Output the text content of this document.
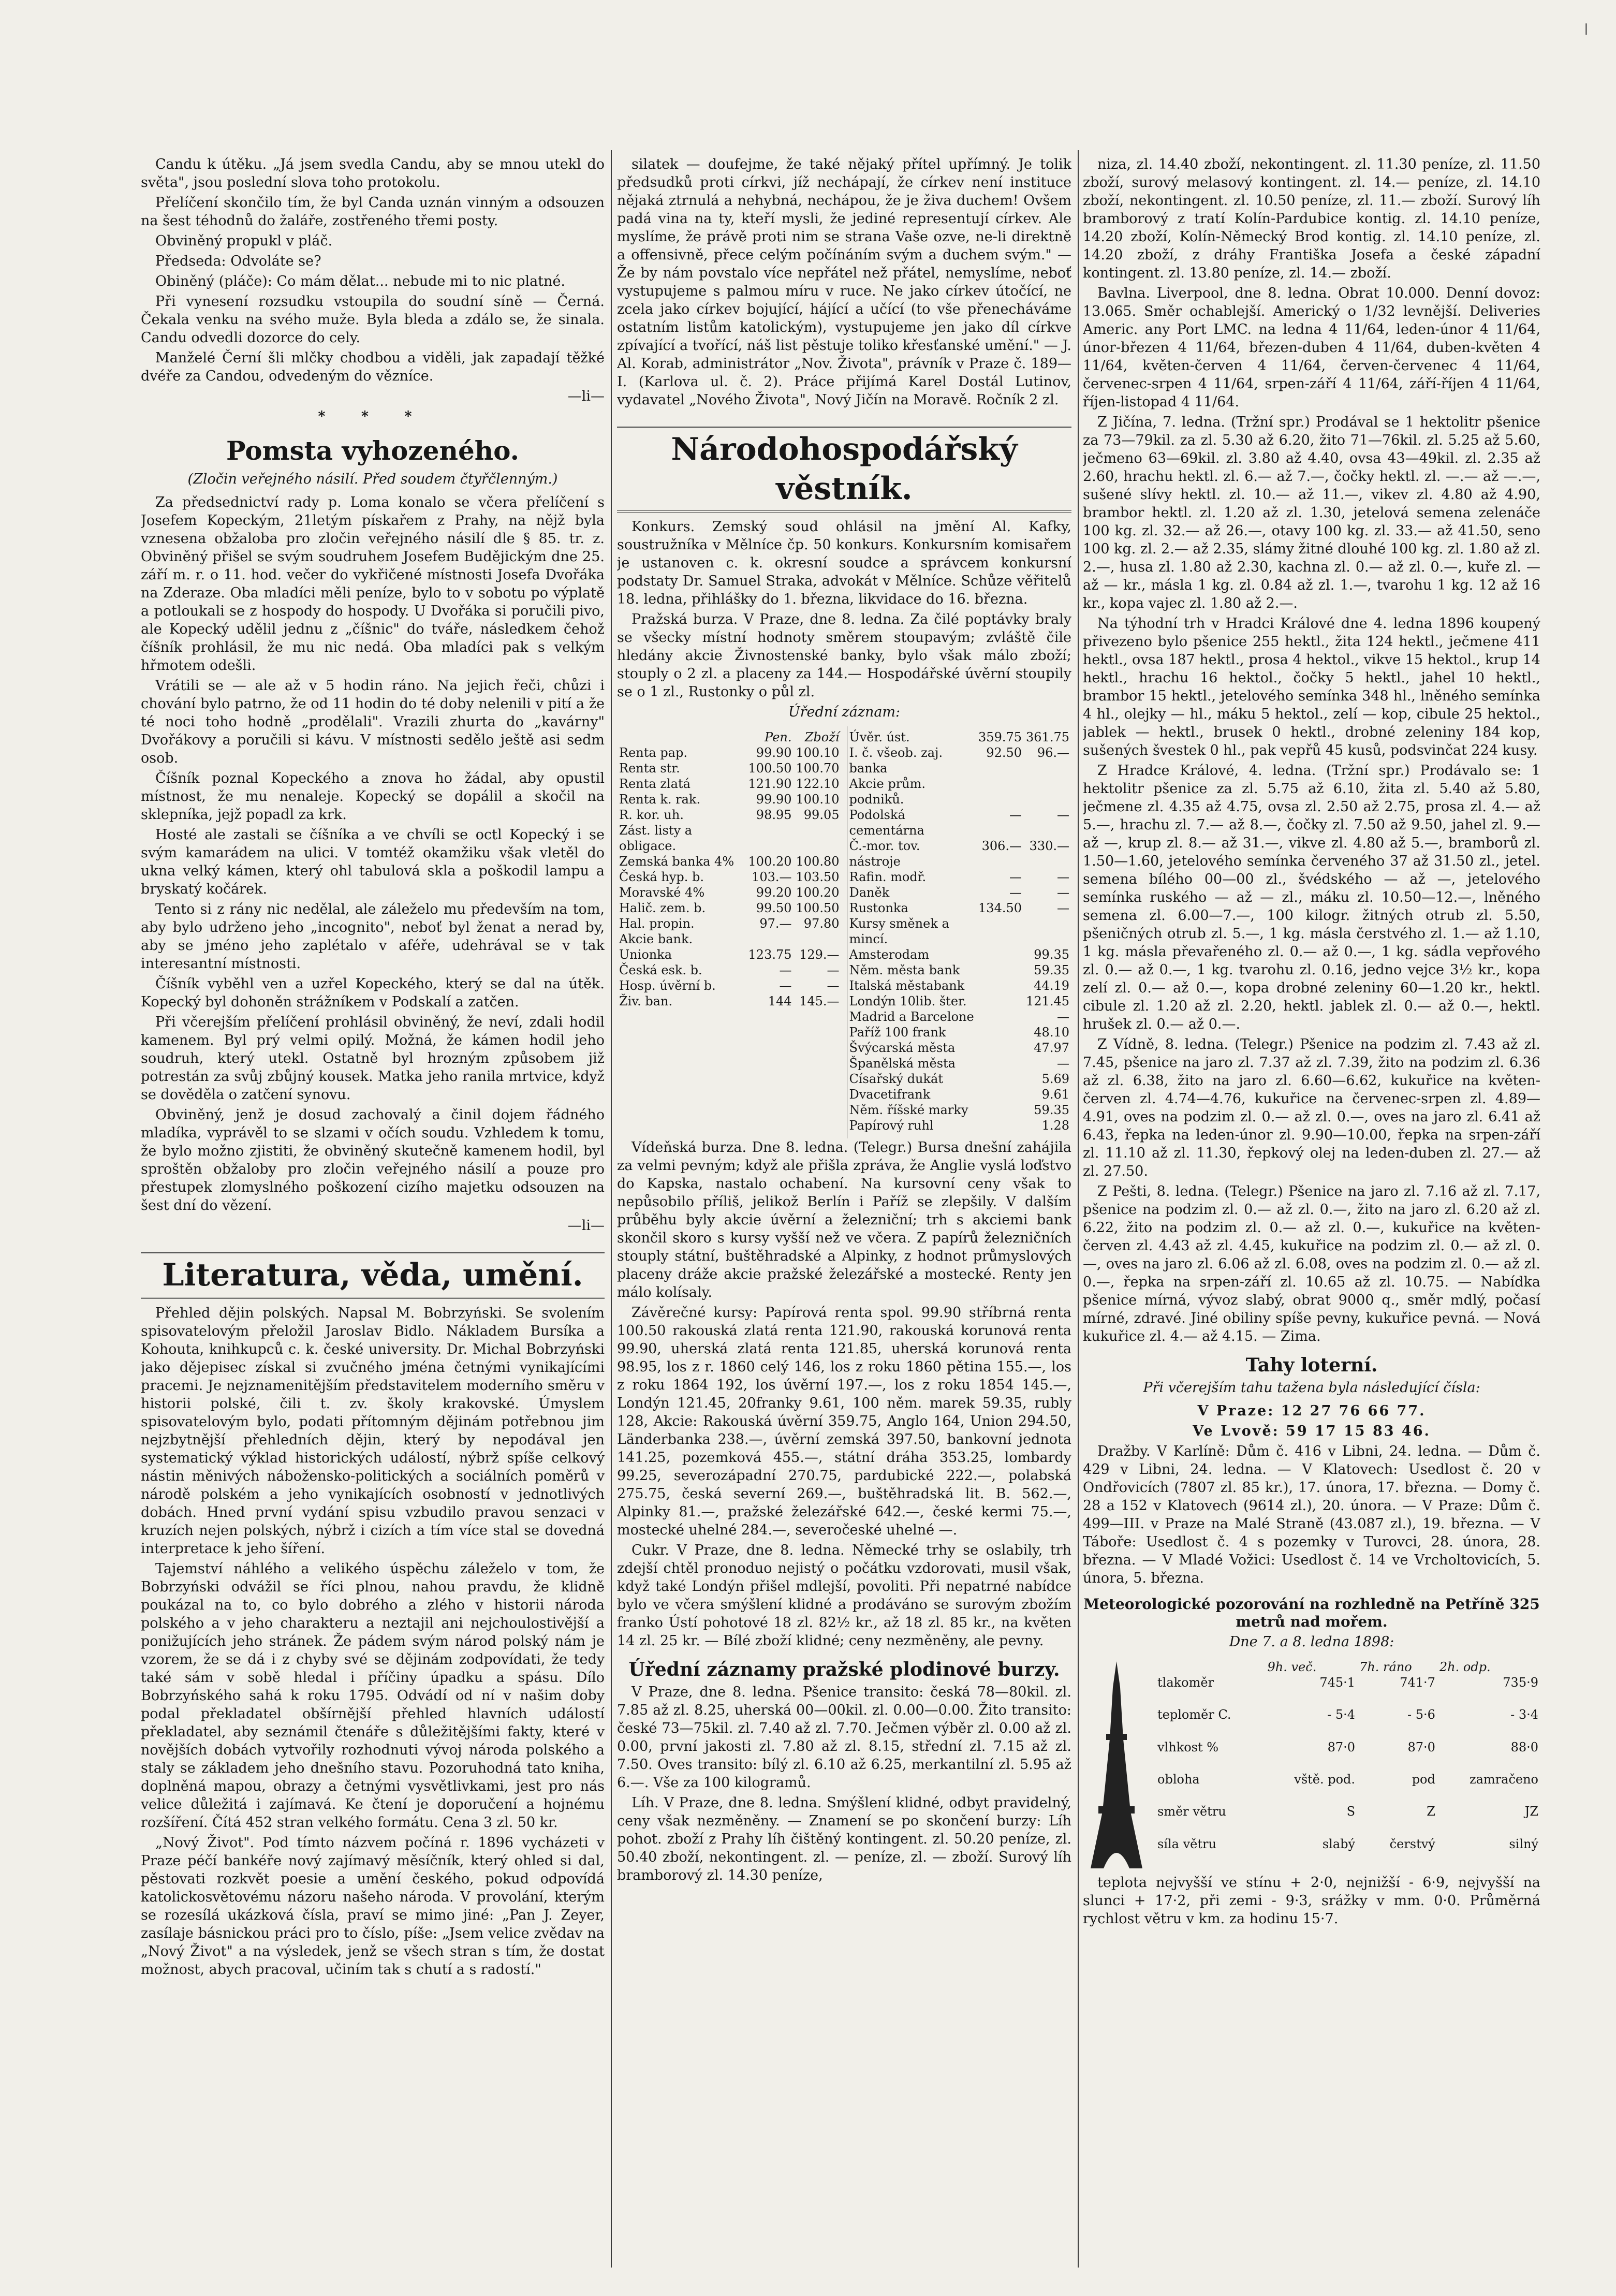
ǀ

Candu k útěku. „Já jsem svedla Candu, aby se mnou utekl do světa", jsou poslední slova toho protokolu.

Přelíčení skončilo tím, že byl Canda uznán vinným a odsouzen na šest téhodnů do žaláře, zostřeného třemi posty.

Obviněný propukl v pláč.

Předseda: Odvoláte se?

Obiněný (pláče): Co mám dělat... nebude mi to nic platné.

Při vynesení rozsudku vstoupila do soudní síně — Černá. Čekala venku na svého muže. Byla bleda a zdálo se, že sinala. Candu odvedli dozorce do cely.

Manželé Černí šli mlčky chodbou a viděli, jak zapadají těžké dvéře za Candou, odvedeným do vězníce.

—li—

* * *

Pomsta vyhozeného.

(Zločin veřejného násilí. Před soudem čtyřčlenným.)

Za předsednictví rady p. Loma konalo se včera přelíčení s Josefem Kopeckým, 21letým pískařem z Prahy, na nějž byla vznesena obžaloba pro zločin veřejného násilí dle § 85. tr. z. Obviněný přišel se svým soudruhem Josefem Budějickým dne 25. září m. r. o 11. hod. večer do vykřičené místnosti Josefa Dvořáka na Zderaze. Oba mladíci měli peníze, bylo to v sobotu po výplatě a potloukali se z hospody do hospody. U Dvořáka si poručili pivo, ale Kopecký udělil jednu z „číšnic" do tváře, následkem čehož číšník prohlásil, že mu nic nedá. Oba mladíci pak s velkým hřmotem odešli.

Vrátili se — ale až v 5 hodin ráno. Na jejich řeči, chůzi i chování bylo patrno, že od 11 hodin do té doby nelenili v pití a že té noci toho hodně „prodělali". Vrazili zhurta do „kavárny" Dvořákovy a poručili si kávu. V místnosti sedělo ještě asi sedm osob.

Číšník poznal Kopeckého a znova ho žádal, aby opustil místnost, že mu nenaleje. Kopecký se dopálil a skočil na sklepníka, jejž popadl za krk.

Hosté ale zastali se číšníka a ve chvíli se octl Kopecký i se svým kamarádem na ulici. V tomtéž okamžiku však vletěl do ukna velký kámen, který ohl tabulová skla a poškodil lampu a bryskatý kočárek.

Tento si z rány nic nedělal, ale záleželo mu především na tom, aby bylo udrženo jeho „incognito", neboť byl ženat a nerad by, aby se jméno jeho zaplétalo v aféře, udehrával se v tak interesantní místnosti.

Číšník vyběhl ven a uzřel Kopeckého, který se dal na útěk. Kopecký byl dohoněn strážníkem v Podskalí a zatčen.

Při včerejším přelíčení prohlásil obviněný, že neví, zdali hodil kamenem. Byl prý velmi opilý. Možná, že kámen hodil jeho soudruh, který utekl. Ostatně byl hrozným způsobem již potrestán za svůj zbůjný kousek. Matka jeho ranila mrtvice, když se dověděla o zatčení synovu.

Obviněný, jenž je dosud zachovalý a činil dojem řádného mladíka, vyprávěl to se slzami v očích soudu. Vzhledem k tomu, že bylo možno zjistiti, že obviněný skutečně kamenem hodil, byl sproštěn obžaloby pro zločin veřejného násilí a pouze pro přestupek zlomyslného poškození cizího majetku odsouzen na šest dní do vězení.

—li—

Literatura, věda, umění.

Přehled dějin polských. Napsal M. Bobrzyński. Se svolením spisovatelovým přeložil Jaroslav Bidlo. Nákladem Bursíka a Kohouta, knihkupců c. k. české university. Dr. Michal Bobrzyński jako dějepisec získal si zvučného jména četnými vynikajícími pracemi. Je nejznamenitějším představitelem moderního směru v historii polské, čili t. zv. školy krakovské. Úmyslem spisovatelovým bylo, podati přítomným dějinám potřebnou jim nejzbytnější přehledních dějin, který by nepodával jen systematický výklad historických událostí, nýbrž spíše celkový nástin měnivých nábožensko-politických a sociálních poměrů v národě polském a jeho vynikajících osobností v jednotlivých dobách. Hned první vydání spisu vzbudilo pravou senzaci v kruzích nejen polských, nýbrž i cizích a tím více stal se dovedná interpretace k jeho šíření.

Tajemství náhlého a velikého úspěchu záleželo v tom, že Bobrzyński odvážil se říci plnou, nahou pravdu, že klidně poukázal na to, co bylo dobrého a zlého v historii národa polského a v jeho charakteru a neztajil ani nejchoulostivější a ponižujících jeho stránek. Že pádem svým národ polský nám je vzorem, že se dá i z chyby své se dějinám zodpovídati, že tedy také sám v sobě hledal i příčiny úpadku a spásu. Dílo Bobrzyńského sahá k roku 1795. Odvádí od ní v našim doby podal překladatel obšírnější přehled hlavních událostí překladatel, aby seznámil čtenáře s důležitějšími fakty, které v novějších dobách vytvořily rozhodnuti vývoj národa polského a staly se základem jeho dnešního stavu. Pozoruhodná tato kniha, doplněná mapou, obrazy a četnými vysvětlivkami, jest pro nás velice důležitá i zajímavá. Ke čtení je doporučení a hojnému rozšíření. Čítá 452 stran velkého formátu. Cena 3 zl. 50 kr.

„Nový Život". Pod tímto názvem počíná r. 1896 vycházeti v Praze péčí bankéře nový zajímavý měsíčník, který ohled si dal, pěstovati rozkvět poesie a umění českého, pokud odpovídá katolickosvětovému názoru našeho národa. V provolání, kterým se rozesílá ukázková čísla, praví se mimo jiné: „Pan J. Zeyer, zasílaje básnickou práci pro to číslo, píše: „Jsem velice zvědav na „Nový Život" a na výsledek, jenž se všech stran s tím, že dostat možnost, abych pracoval, učiním tak s chutí a s radostí."

silatek — doufejme, že také nějaký přítel upřímný. Je tolik předsudků proti církvi, jíž nechápají, že církev není instituce nějaká ztrnulá a nehybná, nechápou, že je živa duchem! Ovšem padá vina na ty, kteří mysli, že jediné representují církev. Ale myslíme, že právě proti nim se strana Vaše ozve, ne-li direktně a offensivně, přece celým počínáním svým a duchem svým." — Že by nám povstalo více nepřátel než přátel, nemyslíme, neboť vystupujeme s palmou míru v ruce. Ne jako církev útočící, ne zcela jako církev bojující, hájící a učící (to vše přenecháváme ostatním listům katolickým), vystupujeme jen jako díl církve zpívající a tvořící, náš list pěstuje toliko křesťanské umění." — J. Al. Korab, administrátor „Nov. Života", právník v Praze č. 189—I. (Karlova ul. č. 2). Práce přijímá Karel Dostál Lutinov, vydavatel „Nového Života", Nový Jičín na Moravě. Ročník 2 zl.

Národohospodářský věstník.

Konkurs. Zemský soud ohlásil na jmění Al. Kafky, soustružníka v Mělníce čp. 50 konkurs. Konkursním komisařem je ustanoven c. k. okresní soudce a správcem konkursní podstaty Dr. Samuel Straka, advokát v Mělníce. Schůze věřitelů 18. ledna, přihlášky do 1. března, likvidace do 16. března.

Pražská burza. V Praze, dne 8. ledna. Za čilé poptávky braly se všecky místní hodnoty směrem stoupavým; zvláště čile hledány akcie Živnostenské banky, bylo však málo zboží; stouply o 2 zl. a placeny za 144.— Hospodářské úvěrní stoupily se o 1 zl., Rustonky o půl zl.

Úřední záznam:

	Pen.	Zboží
Renta pap.	99.90	100.10
Renta str.	100.50	100.70
Renta zlatá	121.90	122.10
Renta k. rak.	99.90	100.10
R. kor. uh.	98.95	99.05
Zást. listy a obligace.		
Zemská banka 4%	100.20	100.80
Česká hyp. b.	103.—	103.50
Moravské 4%	99.20	100.20
Halič. zem. b.	99.50	100.50
Hal. propin.	97.—	97.80
Akcie bank.		
Unionka	123.75	129.—
Česká esk. b.	—	—
Hosp. úvěrní b.	—	—
Živ. ban.	144	145.—
Úvěr. úst.	359.75	361.75
I. č. všeob. zaj. banka	92.50	96.—
Akcie prům. podniků.		
Podolská cementárna	—	—
Č.-mor. tov. nástroje	306.—	330.—
Rafin. modř.	—	—
Daněk	—	—
Rustonka	134.50	—
Kursy směnek a mincí.		
Amsterodam		99.35
Něm. města bank		59.35
Italská městabank		44.19
Londýn 10lib. šter.		121.45
Madrid a Barcelone		—
Paříž 100 frank		48.10
Švýcarská města		47.97
Španělská města		—
Císařský dukát		5.69
Dvacetifrank		9.61
Něm. říšské marky		59.35
Papírový ruhl		1.28

Vídeňská burza. Dne 8. ledna. (Telegr.) Bursa dnešní zahájila za velmi pevným; když ale přišla zpráva, že Anglie vyslá loďstvo do Kapska, nastalo ochabení. Na kursovní ceny však to nepůsobilo příliš, jelikož Berlín i Paříž se zlepšily. V dalším průběhu byly akcie úvěrní a železniční; trh s akciemi bank skončil skoro s kursy vyšší než ve včera. Z papírů železničních stouply státní, buštěhradské a Alpinky, z hodnot průmyslových placeny dráže akcie pražské železářské a mostecké. Renty jen málo kolísaly.

Závěrečné kursy: Papírová renta spol. 99.90 stříbrná renta 100.50 rakouská zlatá renta 121.90, rakouská korunová renta 99.90, uherská zlatá renta 121.85, uherská korunová renta 98.95, los z r. 1860 celý 146, los z roku 1860 pětina 155.—, los z roku 1864 192, los úvěrní 197.—, los z roku 1854 145.—, Londýn 121.45, 20franky 9.61, 100 něm. marek 59.35, rubly 128, Akcie: Rakouská úvěrní 359.75, Anglo 164, Union 294.50, Länderbanka 238.—, úvěrní zemská 397.50, bankovní jednota 141.25, pozemková 455.—, státní dráha 353.25, lombardy 99.25, severozápadní 270.75, pardubické 222.—, polabská 275.75, česká severní 269.—, buštěhradská lit. B. 562.—, Alpinky 81.—, pražské železářské 642.—, české kermi 75.—, mostecké uhelné 284.—, severočeské uhelné —.

Cukr. V Praze, dne 8. ledna. Německé trhy se oslabily, trh zdejší chtěl pronoduo nejistý o počátku vzdorovati, musil však, když také Londýn přišel mdlejší, povoliti. Při nepatrné nabídce bylo ve včera smýšlení klidné a prodáváno se surovým zbožím franko Ústí pohotové 18 zl. 82½ kr., až 18 zl. 85 kr., na květen 14 zl. 25 kr. — Bílé zboží klidné; ceny nezměněny, ale pevny.

Úřední záznamy pražské plodinové burzy.

V Praze, dne 8. ledna. Pšenice transito: česká 78—80kil. zl. 7.85 až zl. 8.25, uherská 00—00kil. zl. 0.00—0.00. Žito transito: české 73—75kil. zl. 7.40 až zl. 7.70. Ječmen výběr zl. 0.00 až zl. 0.00, první jakosti zl. 7.80 až zl. 8.15, střední zl. 7.15 až zl. 7.50. Oves transito: bílý zl. 6.10 až 6.25, merkantilní zl. 5.95 až 6.—. Vše za 100 kilogramů.

Líh. V Praze, dne 8. ledna. Smýšlení klidné, odbyt pravidelný, ceny však nezměněny. — Znamení se po skončení burzy: Líh pohot. zboží z Prahy líh čištěný kontingent. zl. 50.20 peníze, zl. 50.40 zboží, nekontingent. zl. — peníze, zl. — zboží. Surový líh bramborový zl. 14.30 peníze,

niza, zl. 14.40 zboží, nekontingent. zl. 11.30 peníze, zl. 11.50 zboží, surový melasový kontingent. zl. 14.— peníze, zl. 14.10 zboží, nekontingent. zl. 10.50 peníze, zl. 11.— zboží. Surový líh bramborový z tratí Kolín-Pardubice kontig. zl. 14.10 peníze, 14.20 zboží, Kolín-Německý Brod kontig. zl. 14.10 peníze, zl. 14.20 zboží, z dráhy Františka Josefa a české západní kontingent. zl. 13.80 peníze, zl. 14.— zboží.

Bavlna. Liverpool, dne 8. ledna. Obrat 10.000. Denní dovoz: 13.065. Směr ochablejší. Americký o 1/32 levnější. Deliveries Americ. any Port LMC. na ledna 4 11/64, leden-únor 4 11/64, únor-březen 4 11/64, březen-duben 4 11/64, duben-květen 4 11/64, květen-červen 4 11/64, červen-červenec 4 11/64, červenec-srpen 4 11/64, srpen-září 4 11/64, září-říjen 4 11/64, říjen-listopad 4 11/64.

Z Jičína, 7. ledna. (Tržní spr.) Prodával se 1 hektolitr pšenice za 73—79kil. za zl. 5.30 až 6.20, žito 71—76kil. zl. 5.25 až 5.60, ječmeno 63—69kil. zl. 3.80 až 4.40, ovsa 43—49kil. zl. 2.35 až 2.60, hrachu hektl. zl. 6.— až 7.—, čočky hektl. zl. —.— až —.—, sušené slívy hektl. zl. 10.— až 11.—, vikev zl. 4.80 až 4.90, brambor hektl. zl. 1.20 až zl. 1.30, jetelová semena zelenáče 100 kg. zl. 32.— až 26.—, otavy 100 kg. zl. 33.— až 41.50, seno 100 kg. zl. 2.— až 2.35, slámy žitné dlouhé 100 kg. zl. 1.80 až zl. 2.—, husa zl. 1.80 až 2.30, kachna zl. 0.— až zl. 0.—, kuře zl. — až — kr., másla 1 kg. zl. 0.84 až zl. 1.—, tvarohu 1 kg. 12 až 16 kr., kopa vajec zl. 1.80 až 2.—.

Na týhodní trh v Hradci Králové dne 4. ledna 1896 koupený přivezeno bylo pšenice 255 hektl., žita 124 hektl., ječmene 411 hektl., ovsa 187 hektl., prosa 4 hektol., vikve 15 hektol., krup 14 hektl., hrachu 16 hektol., čočky 5 hektl., jahel 10 hektl., brambor 15 hektl., jetelového semínka 348 hl., lněného semínka 4 hl., olejky — hl., máku 5 hektol., zelí — kop, cibule 25 hektol., jablek — hektl., brusek 0 hektl., drobné zeleniny 184 kop, sušených švestek 0 hl., pak vepřů 45 kusů, podsvinčat 224 kusy.

Z Hradce Králové, 4. ledna. (Tržní spr.) Prodávalo se: 1 hektolitr pšenice za zl. 5.75 až 6.10, žita zl. 5.40 až 5.80, ječmene zl. 4.35 až 4.75, ovsa zl. 2.50 až 2.75, prosa zl. 4.— až 5.—, hrachu zl. 7.— až 8.—, čočky zl. 7.50 až 9.50, jahel zl. 9.— až —, krup zl. 8.— až 31.—, vikve zl. 4.80 až 5.—, bramborů zl. 1.50—1.60, jetelového semínka červeného 37 až 31.50 zl., jetel. semena bílého 00—00 zl., švédského — až —, jetelového semínka ruského — až — zl., máku zl. 10.50—12.—, lněného semena zl. 6.00—7.—, 100 kilogr. žitných otrub zl. 5.50, pšeničných otrub zl. 5.—, 1 kg. másla čerstvého zl. 1.— až 1.10, 1 kg. másla převařeného zl. 0.— až 0.—, 1 kg. sádla vepřového zl. 0.— až 0.—, 1 kg. tvarohu zl. 0.16, jedno vejce 3½ kr., kopa zelí zl. 0.— až 0.—, kopa drobné zeleniny 60—1.20 kr., hektl. cibule zl. 1.20 až zl. 2.20, hektl. jablek zl. 0.— až 0.—, hektl. hrušek zl. 0.— až 0.—.

Z Vídně, 8. ledna. (Telegr.) Pšenice na podzim zl. 7.43 až zl. 7.45, pšenice na jaro zl. 7.37 až zl. 7.39, žito na podzim zl. 6.36 až zl. 6.38, žito na jaro zl. 6.60—6.62, kukuřice na květen-červen zl. 4.74—4.76, kukuřice na červenec-srpen zl. 4.89—4.91, oves na podzim zl. 0.— až zl. 0.—, oves na jaro zl. 6.41 až 6.43, řepka na leden-únor zl. 9.90—10.00, řepka na srpen-září zl. 11.10 až zl. 11.30, řepkový olej na leden-duben zl. 27.— až zl. 27.50.

Z Pešti, 8. ledna. (Telegr.) Pšenice na jaro zl. 7.16 až zl. 7.17, pšenice na podzim zl. 0.— až zl. 0.—, žito na jaro zl. 6.20 až zl. 6.22, žito na podzim zl. 0.— až zl. 0.—, kukuřice na květen-červen zl. 4.43 až zl. 4.45, kukuřice na podzim zl. 0.— až zl. 0.—, oves na jaro zl. 6.06 až zl. 6.08, oves na podzim zl. 0.— až zl. 0.—, řepka na srpen-září zl. 10.65 až zl. 10.75. — Nabídka pšenice mírná, vývoz slabý, obrat 9000 q., směr mdlý, počasí mírné, zdravé. Jiné obiliny spíše pevny, kukuřice pevná. — Nová kukuřice zl. 4.— až 4.15. — Zima.

Tahy loterní.

Při včerejším tahu tažena byla následující čísla:

V Praze: 12 27 76 66 77.

Ve Lvově: 59 17 15 83 46.

Dražby. V Karlíně: Dům č. 416 v Libni, 24. ledna. — Dům č. 429 v Libni, 24. ledna. — V Klatovech: Usedlost č. 20 v Ondřovicích (7807 zl. 85 kr.), 17. února, 17. března. — Domy č. 28 a 152 v Klatovech (9614 zl.), 20. února. — V Praze: Dům č. 499—III. v Praze na Malé Straně (43.087 zl.), 19. března. — V Táboře: Usedlost č. 4 s pozemky v Turovci, 28. února, 28. března. — V Mladé Vožici: Usedlost č. 14 ve Vrcholtovicích, 5. února, 5. března.

Meteorologické pozorování na rozhledně na Petříně 325 metrů nad mořem.

Dne 7. a 8. ledna 1898:

	9h. več.	7h. ráno	2h. odp.
tlakoměr	745·1	741·7	735·9
teploměr C.	- 5·4	- 5·6	- 3·4
vlhkost %	87·0	87·0	88·0
obloha	vště. pod.	pod	zamračeno
směr větru	S	Z	JZ
síla větru	slabý	čerstvý	silný

teplota nejvyšší ve stínu + 2·0, nejnižší - 6·9, nejvyšší na slunci + 17·2, při zemi - 9·3, srážky v mm. 0·0. Průměrná rychlost větru v km. za hodinu 15·7.
